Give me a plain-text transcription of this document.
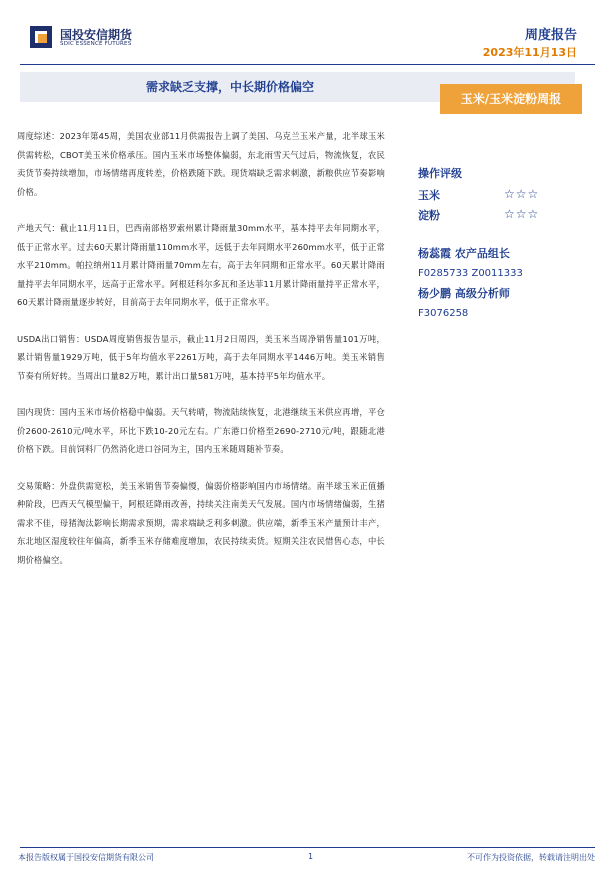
国投安信期货
SDIC ESSENCE FUTURES
周度报告
2023年11月13日
需求缺乏支撑，中长期价格偏空
玉米/玉米淀粉周报

周度综述：2023年第45周，美国农业部11月供需报告上调了美国、乌克兰玉米产量，北半球玉米供需转松，CBOT美玉米价格承压。国内玉米市场整体偏弱，东北雨雪天气过后，物流恢复，农民卖货节奏持续增加，市场情绪再度转差，价格跌随下跌。现货端缺乏需求刺激，新粮供应节奏影响价格。

产地天气：截止11月11日，巴西南部格罗索州累计降雨量30mm水平，基本持平去年同期水平，低于正常水平。过去60天累计降雨量110mm水平，远低于去年同期水平260mm水平，低于正常水平210mm。帕拉纳州11月累计降雨量70mm左右，高于去年同期和正常水平。60天累计降雨量持平去年同期水平，远高于正常水平。阿根廷科尔多瓦和圣达菲11月累计降雨量持平正常水平，60天累计降雨量逐步转好，目前高于去年同期水平，低于正常水平。

USDA出口销售：USDA周度销售报告显示，截止11月2日周四，美玉米当周净销售量101万吨，累计销售量1929万吨，低于5年均值水平2261万吨，高于去年同期水平1446万吨。美玉米销售节奏有所好转。当周出口量82万吨，累计出口量581万吨，基本持平5年均值水平。

国内现货：国内玉米市场价格稳中偏弱。天气转晴，物流陆续恢复，北港继续玉米供应再增，平仓价2600-2610元/吨水平，环比下跌10-20元左右。广东港口价格至2690-2710元/吨，跟随北港价格下跌。目前饲料厂仍然消化进口谷同为主，国内玉米随周随补节奏。

交易策略：外盘供需宽松，美玉米销售节奏偏慢，偏弱价格影响国内市场情绪。南半球玉米正值播种阶段，巴西天气模型偏干，阿根廷降雨改善，持续关注南美天气发展。国内市场情绪偏弱，生猪需求不佳，母猪淘汰影响长期需求预期，需求端缺乏利多刺激。供应端，新季玉米产量预计丰产，东北地区湿度较往年偏高，新季玉米存储难度增加，农民持续卖货。短期关注农民惜售心态，中长期价格偏空。

操作评级
玉米	☆☆☆
淀粉	☆☆☆
杨蕊霞 农产品组长
F0285733 Z0011333
杨少鹏 高级分析师
F3076258
本报告版权属于国投安信期货有限公司	1	不可作为投资依据，转载请注明出处
